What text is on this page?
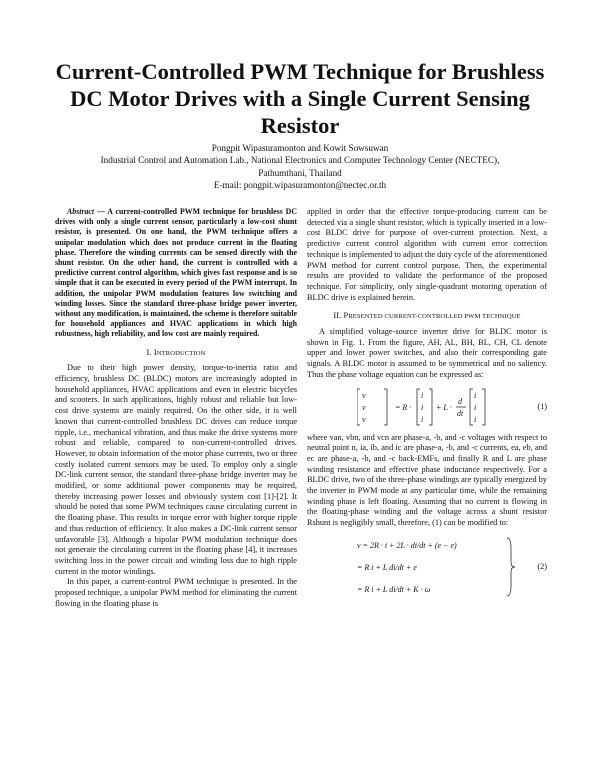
Current-Controlled PWM Technique for Brushless DC Motor Drives with a Single Current Sensing Resistor
Pongpit Wipasuramonton and Kowit Sowsuwan
Industrial Control and Automation Lab., National Electronics and Computer Technology Center (NECTEC),
Pathumthani, Thailand
E-mail: pongpit.wipasuramonton@nectec.or.th

Abstract — A current-controlled PWM technique for brushless DC drives with only a single current sensor, particularly a low-cost shunt resistor, is presented. On one hand, the PWM technique offers a unipolar modulation which does not produce current in the floating phase. Therefore the winding currents can be sensed directly with the shunt resistor. On the other hand, the current is controlled with a predictive current control algorithm, which gives fast response and is so simple that it can be executed in every period of the PWM interrupt. In addition, the unipolar PWM modulation features low switching and winding losses. Since the standard three-phase bridge power inverter, without any modification, is maintained, the scheme is therefore suitable for household appliances and HVAC applications in which high robustness, high reliability, and low cost are mainly required.

I. INTRODUCTION

Due to their high power density, torque-to-inertia ratio and efficiency, brushless DC (BLDC) motors are increasingly adopted in household appliances, HVAC applications and even in electric bicycles and scooters. In such applications, highly robust and reliable but low-cost drive systems are mainly required. On the other side, it is well known that current-controlled brushless DC drives can reduce torque ripple, i.e., mechanical vibration, and thus make the drive systems more robust and reliable, compared to non-current-controlled drives. However, to obtain information of the motor phase currents, two or three costly isolated current sensors may be used. To employ only a single DC-link current sensor, the standard three-phase bridge inverter may be modified, or some additional power components may be required, thereby increasing power losses and obviously system cost [1]-[2]. It should be noted that some PWM techniques cause circulating current in the floating phase. This results in torque error with higher torque ripple and thus reduction of efficiency. It also makes a DC-link current sensor unfavorable [3]. Although a bipolar PWM modulation technique does not generate the circulating current in the floating phase [4], it increases switching loss in the power circuit and winding loss due to high ripple current in the motor windings.

In this paper, a current-control PWM technique is presented. In the proposed technique, a unipolar PWM method for eliminating the current flowing in the floating phase is

applied in order that the effective torque-producing current can be detected via a single shunt resistor, which is typically inserted in a low-cost BLDC drive for purpose of over-current protection. Next, a predictive current control algorithm with current error correction technique is implemented to adjust the duty cycle of the aforementioned PWM method for current control purpose. Then, the experimental results are provided to validate the performance of the proposed technique. For simplicity, only single-quadrant motoring operation of BLDC drive is explained herein.

II. PRESENTED CURRENT-CONTROLLED PWM TECHNIQUE

A simplified voltage-source inverter drive for BLDC motor is shown in Fig. 1. From the figure, AH, AL, BH, BL, CH, CL denote upper and lower power switches, and also their corresponding gate signals. A BLDC motor is assumed to be symmetrical and no saliency. Thus the phase voltage equation can be expressed as:

v
v
v
= R ·
i
i
i
+ L ·
d
dt
i
i
i
(1)

where van, vbn, and vcn are phase-a, -b, and -c voltages with respect to neutral point n, ia, ib, and ic are phase-a, -b, and -c currents, ea, eb, and ec are phase-a, -b, and -c back-EMFs, and finally R and L are phase winding resistance and effective phase inductance respectively. For a BLDC drive, two of the three-phase windings are typically energized by the inverter in PWM mode at any particular time, while the remaining winding phase is left floating. Assuming that no current is flowing in the floating-phase winding and the voltage across a shunt resistor Rshunt is negligibly small, therefore, (1) can be modified to:

v = 2R · i + 2L · di/dt + (e − e)
= R i + L di/dt + e
= R i + L di/dt + K · ω
(2)
